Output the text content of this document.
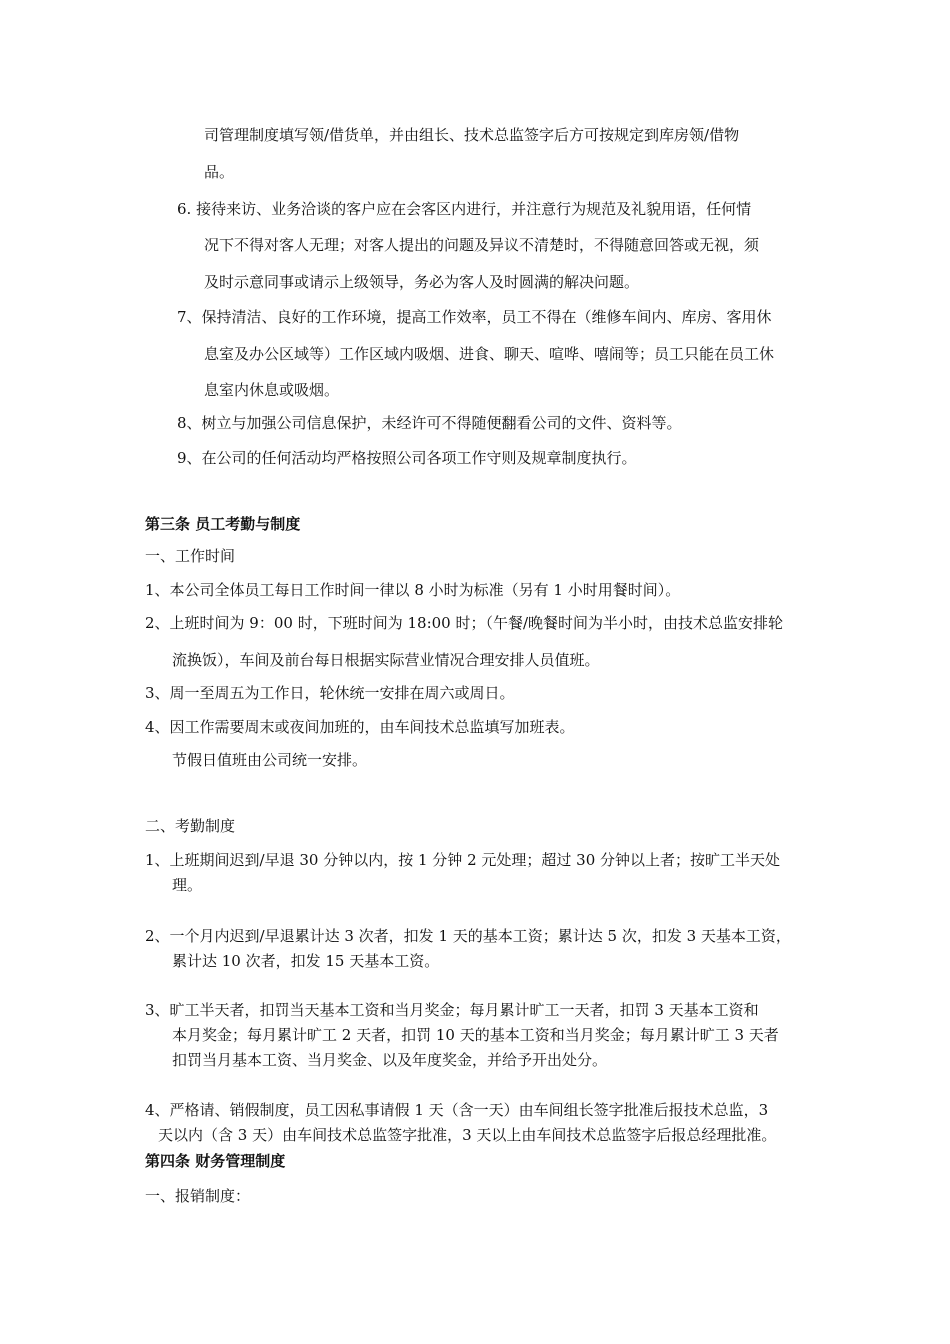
司管理制度填写领/借货单，并由组长、技术总监签字后方可按规定到库房领/借物
品。
6. 接待来访、业务洽谈的客户应在会客区内进行，并注意行为规范及礼貌用语，任何情
况下不得对客人无理；对客人提出的问题及异议不清楚时，不得随意回答或无视，须
及时示意同事或请示上级领导，务必为客人及时圆满的解决问题。
7、保持清洁、良好的工作环境，提高工作效率，员工不得在（维修车间内、库房、客用休
息室及办公区域等）工作区域内吸烟、进食、聊天、喧哗、嘻闹等；员工只能在员工休
息室内休息或吸烟。
8、树立与加强公司信息保护，未经许可不得随便翻看公司的文件、资料等。
9、在公司的任何活动均严格按照公司各项工作守则及规章制度执行。
第三条 员工考勤与制度
一、工作时间
1、本公司全体员工每日工作时间一律以 8 小时为标准（另有 1 小时用餐时间）。
2、上班时间为 9：00 时，下班时间为 18:00 时；（午餐/晚餐时间为半小时，由技术总监安排轮
流换饭），车间及前台每日根据实际营业情况合理安排人员值班。
3、周一至周五为工作日，轮休统一安排在周六或周日。
4、因工作需要周末或夜间加班的，由车间技术总监填写加班表。
节假日值班由公司统一安排。
二、考勤制度
1、上班期间迟到/早退 30 分钟以内，按 1 分钟 2 元处理；超过 30 分钟以上者；按旷工半天处
理。
2、一个月内迟到/早退累计达 3 次者，扣发 1 天的基本工资；累计达 5 次，扣发 3 天基本工资，
累计达 10 次者，扣发 15 天基本工资。
3、旷工半天者，扣罚当天基本工资和当月奖金；每月累计旷工一天者，扣罚 3 天基本工资和
本月奖金；每月累计旷工 2 天者，扣罚 10 天的基本工资和当月奖金；每月累计旷工 3 天者
扣罚当月基本工资、当月奖金、以及年度奖金，并给予开出处分。
4、严格请、销假制度，员工因私事请假 1 天（含一天）由车间组长签字批准后报技术总监，3
天以内（含 3 天）由车间技术总监签字批准，3 天以上由车间技术总监签字后报总经理批准。
第四条 财务管理制度
一、报销制度：
